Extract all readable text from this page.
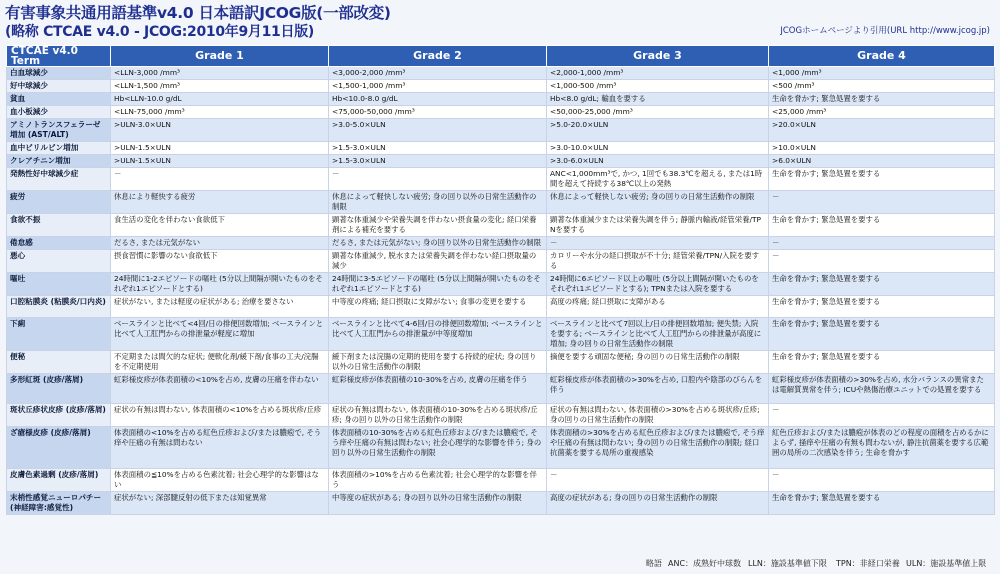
有害事象共通用語基準v4.0 日本語訳JCOG版(一部改変)
(略称 CTCAE v4.0 - JCOG:2010年9月11日版)	JCOGホームページより引用(URL http://www.jcog.jp)
CTCAE v4.0 Term	Grade 1	Grade 2	Grade 3	Grade 4
白血球減少	<LLN-3,000 /mm³	<3,000-2,000 /mm³	<2,000-1,000 /mm³	<1,000 /mm³
好中球減少	<LLN-1,500 /mm³	<1,500-1,000 /mm³	<1,000-500 /mm³	<500 /mm³
貧血	Hb<LLN-10.0 g/dL	Hb<10.0-8.0 g/dL	Hb<8.0 g/dL; 輸血を要する	生命を脅かす; 緊急処置を要する
血小板減少	<LLN-75,000 /mm³	<75,000-50,000 /mm³	<50,000-25,000 /mm³	<25,000 /mm³
アミノトランスフェラーゼ増加 (AST/ALT)	>ULN-3.0×ULN	>3.0-5.0×ULN	>5.0-20.0×ULN	>20.0×ULN
血中ビリルビン増加	>ULN-1.5×ULN	>1.5-3.0×ULN	>3.0-10.0×ULN	>10.0×ULN
クレアチニン増加	>ULN-1.5×ULN	>1.5-3.0×ULN	>3.0-6.0×ULN	>6.0×ULN
発熱性好中球減少症	－	－	ANC<1,000mm³で, かつ, 1回でも38.3℃を超える, または1時間を超えて持続する38℃以上の発熱	生命を脅かす; 緊急処置を要する
疲労	休息により軽快する疲労	休息によって軽快しない疲労; 身の回り以外の日常生活動作の制限	休息によって軽快しない疲労; 身の回りの日常生活動作の制限	－
食欲不振	食生活の変化を伴わない食欲低下	顕著な体重減少や栄養失調を伴わない摂食量の変化; 経口栄養剤による補充を要する	顕著な体重減少または栄養失調を伴う; 静脈内輸液/経管栄養/TPNを要する	生命を脅かす; 緊急処置を要する
倦怠感	だるさ, または元気がない	だるさ, または元気がない; 身の回り以外の日常生活動作の制限	－	－
悪心	摂食習慣に影響のない食欲低下	顕著な体重減少, 脱水または栄養失調を伴わない経口摂取量の減少	カロリーや水分の経口摂取が不十分; 経管栄養/TPN/入院を要する	－
嘔吐	24時間に1-2エピソードの嘔吐 (5分以上間隔が開いたものをそれぞれ1エピソードとする)	24時間に3-5エピソードの嘔吐 (5分以上間隔が開いたものをそれぞれ1エピソードとする)	24時間に6エピソード以上の嘔吐 (5分以上間隔が開いたものをそれぞれ1エピソードとする); TPNまたは入院を要する	生命を脅かす; 緊急処置を要する
口腔粘膜炎 (粘膜炎/口内炎)	症状がない, または軽度の症状がある; 治療を要さない	中等度の疼痛; 経口摂取に支障がない; 食事の変更を要する	高度の疼痛; 経口摂取に支障がある	生命を脅かす; 緊急処置を要する
下痢	ベースラインと比べて<4回/日の排便回数増加; ベースラインと比べて人工肛門からの排泄量が軽度に増加	ベースラインと比べて4-6回/日の排便回数増加; ベースラインと比べて人工肛門からの排泄量が中等度増加	ベースラインと比べて7回以上/日の排便回数増加; 便失禁; 入院を要する; ベースラインと比べて人工肛門からの排泄量が高度に増加; 身の回りの日常生活動作の制限	生命を脅かす; 緊急処置を要する
便秘	不定期または間欠的な症状; 便軟化剤/緩下剤/食事の工夫/浣腸を不定期使用	緩下剤または浣腸の定期的使用を要する持続的症状; 身の回り以外の日常生活動作の制限	摘便を要する頑固な便秘; 身の回りの日常生活動作の制限	生命を脅かす; 緊急処置を要する
多形紅斑 (皮疹/落屑)	虹彩様皮疹が体表面積の<10%を占め, 皮膚の圧痛を伴わない	虹彩様皮疹が体表面積の10-30%を占め, 皮膚の圧痛を伴う	虹彩様皮疹が体表面積の>30%を占め, 口腔内や陰部のびらんを伴う	虹彩様皮疹が体表面積の>30%を占め, 水分バランスの異常または電解質異常を伴う; ICUや熱傷治療ユニットでの処置を要する
斑状丘疹状皮疹 (皮疹/落屑)	症状の有無は問わない, 体表面積の<10%を占める斑状疹/丘疹	症状の有無は問わない, 体表面積の10-30%を占める斑状疹/丘疹; 身の回り以外の日常生活動作の制限	症状の有無は問わない, 体表面積の>30%を占める斑状疹/丘疹; 身の回りの日常生活動作の制限	－
ざ瘡様皮疹 (皮疹/落屑)	体表面積の<10%を占める紅色丘疹および/または膿疱で, そう痒や圧痛の有無は問わない	体表面積の10-30%を占める紅色丘疹および/または膿疱で, そう痒や圧痛の有無は問わない; 社会心理学的な影響を伴う; 身の回り以外の日常生活動作の制限	体表面積の>30%を占める紅色丘疹および/または膿疱で, そう痒や圧痛の有無は問わない; 身の回りの日常生活動作の制限; 経口抗菌薬を要する局所の重複感染	紅色丘疹および/または膿疱が体表のどの程度の面積を占めるかによらず, 掻痒や圧痛の有無も問わないが, 静注抗菌薬を要する広範囲の局所の二次感染を伴う; 生命を脅かす
皮膚色素過剰 (皮疹/落屑)	体表面積の≦10%を占める色素沈着; 社会心理学的な影響はない	体表面積の>10%を占める色素沈着; 社会心理学的な影響を伴う	－	－
末梢性感覚ニューロパチー (神経障害:感覚性)	症状がない; 深部腱反射の低下または知覚異常	中等度の症状がある; 身の回り以外の日常生活動作の制限	高度の症状がある; 身の回りの日常生活動作の制限	生命を脅かす; 緊急処置を要する
略語 ANC：成熟好中球数 LLN：施設基準値下限 TPN：非経口栄養 ULN：施設基準値上限
